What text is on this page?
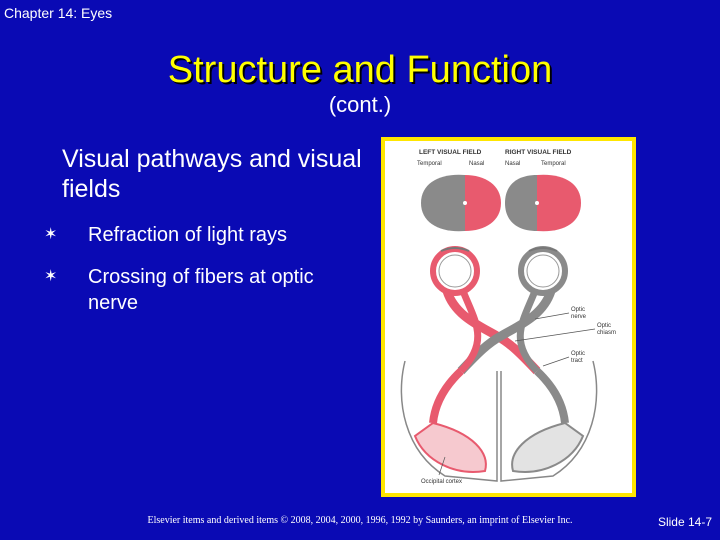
Chapter 14: Eyes
Structure and Function
(cont.)
Visual pathways and visual fields
✶ Refraction of light rays
✶ Crossing of fibers at optic nerve
LEFT VISUAL FIELD	RIGHT VISUAL FIELD
Temporal	Nasal	Nasal	Temporal
Optic
nerve
Optic
chiasm
Optic
tract
Occipital cortex
Elsevier items and derived items © 2008, 2004, 2000, 1996, 1992 by Saunders, an imprint of Elsevier Inc.	Slide 14-7
